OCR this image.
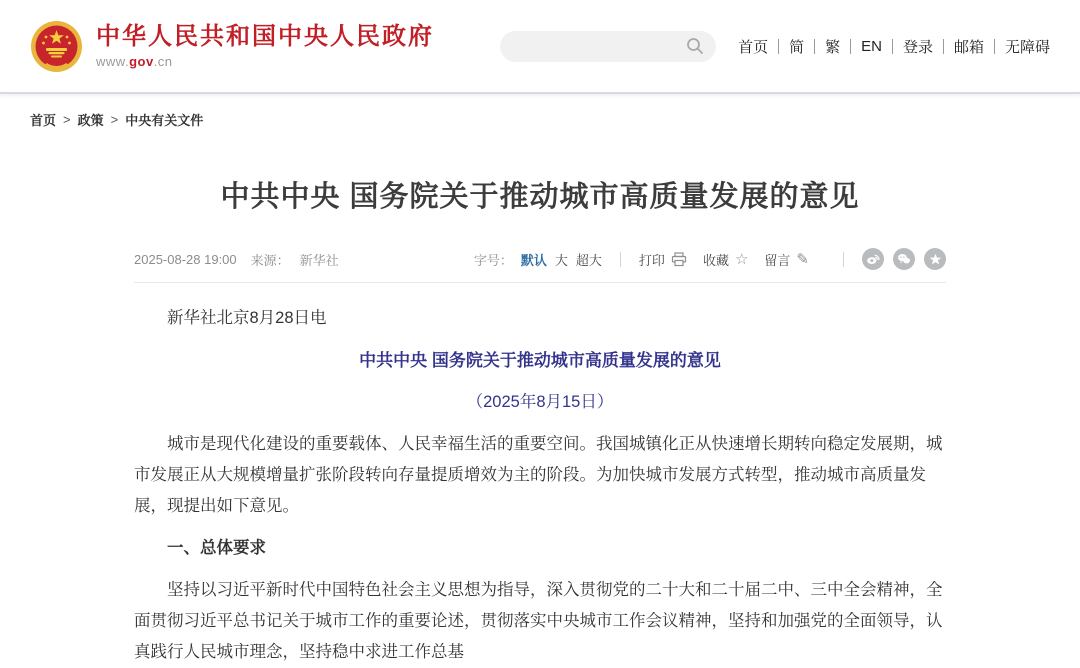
中华人民共和国中央人民政府
www.gov.cn
首页 简 繁 EN 登录 邮箱 无障碍
首页 > 政策 > 中央有关文件
中共中央 国务院关于推动城市高质量发展的意见
2025-08-28 19:00 来源： 新华社	字号： 默认 大 超大	打印	收藏 ☆ 留言 ✎

新华社北京8月28日电

中共中央 国务院关于推动城市高质量发展的意见

（2025年8月15日）

城市是现代化建设的重要载体、人民幸福生活的重要空间。我国城镇化正从快速增长期转向稳定发展期，城市发展正从大规模增量扩张阶段转向存量提质增效为主的阶段。为加快城市发展方式转型，推动城市高质量发展，现提出如下意见。

一、总体要求

坚持以习近平新时代中国特色社会主义思想为指导，深入贯彻党的二十大和二十届二中、三中全会精神，全面贯彻习近平总书记关于城市工作的重要论述，贯彻落实中央城市工作会议精神，坚持和加强党的全面领导，认真践行人民城市理念，坚持稳中求进工作总基
